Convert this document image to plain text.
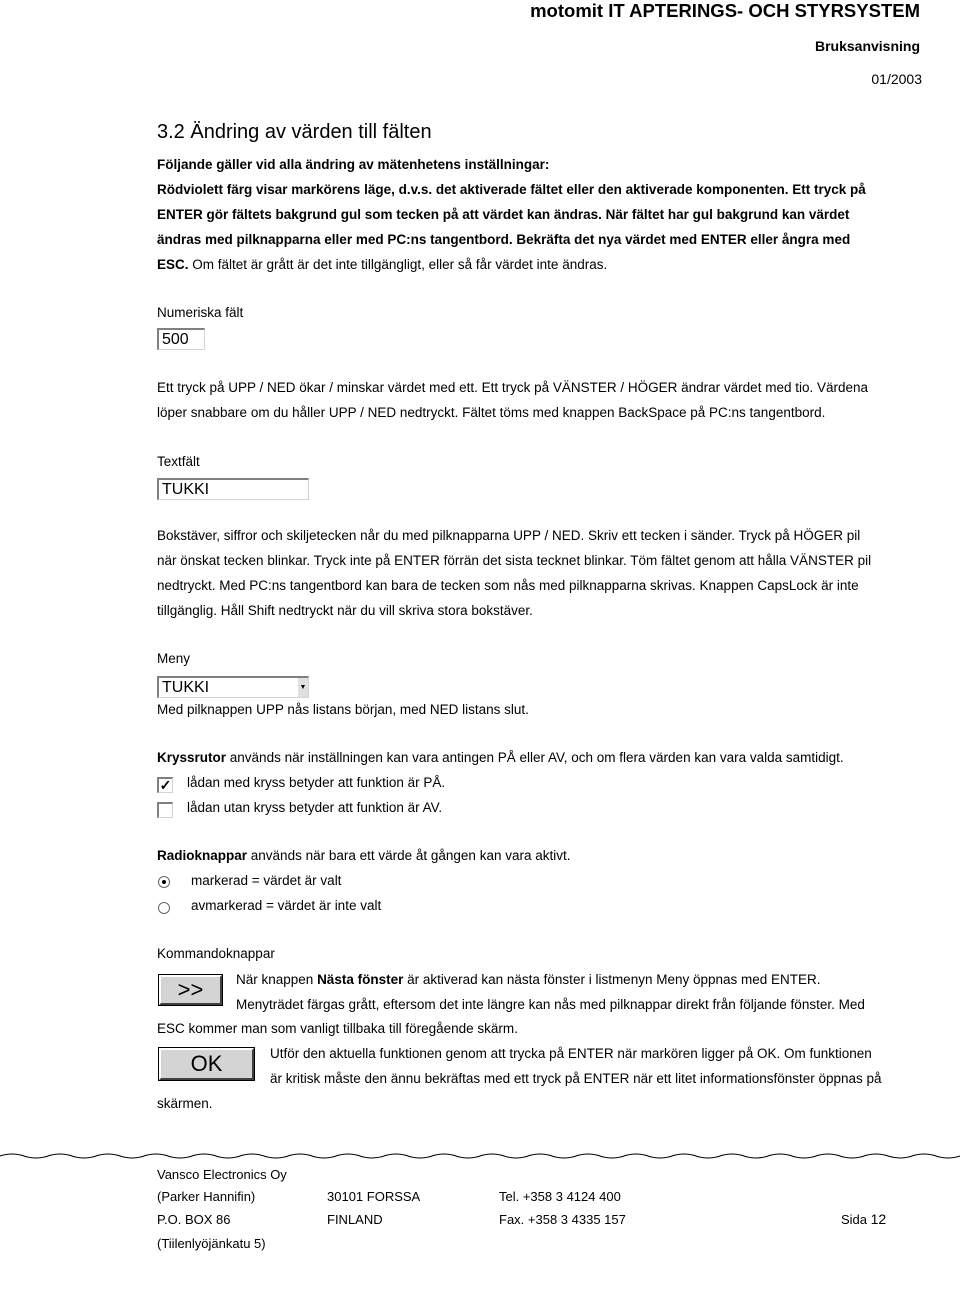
motomit IT APTERINGS- OCH STYRSYSTEM
Bruksanvisning
01/2003
3.2 Ändring av värden till fälten
Följande gäller vid alla ändring av mätenhetens inställningar:
Rödviolett färg visar markörens läge, d.v.s. det aktiverade fältet eller den aktiverade komponenten. Ett tryck på
ENTER gör fältets bakgrund gul som tecken på att värdet kan ändras. När fältet har gul bakgrund kan värdet
ändras med pilknapparna eller med PC:ns tangentbord. Bekräfta det nya värdet med ENTER eller ångra med
ESC. Om fältet är grått är det inte tillgängligt, eller så får värdet inte ändras.
Numeriska fält
500
Ett tryck på UPP / NED ökar / minskar värdet med ett. Ett tryck på VÄNSTER / HÖGER ändrar värdet med tio. Värdena
löper snabbare om du håller UPP / NED nedtryckt. Fältet töms med knappen BackSpace på PC:ns tangentbord.
Textfält
TUKKI
Bokstäver, siffror och skiljetecken når du med pilknapparna UPP / NED. Skriv ett tecken i sänder. Tryck på HÖGER pil
när önskat tecken blinkar. Tryck inte på ENTER förrän det sista tecknet blinkar. Töm fältet genom att hålla VÄNSTER pil
nedtryckt. Med PC:ns tangentbord kan bara de tecken som nås med pilknapparna skrivas. Knappen CapsLock är inte
tillgänglig. Håll Shift nedtryckt när du vill skriva stora bokstäver.
Meny
TUKKI	▼
Med pilknappen UPP nås listans början, med NED listans slut.
Kryssrutor används när inställningen kan vara antingen PÅ eller AV, och om flera värden kan vara valda samtidigt.
✓ lådan med kryss betyder att funktion är PÅ.
lådan utan kryss betyder att funktion är AV.
Radioknappar används när bara ett värde åt gången kan vara aktivt.
markerad = värdet är valt
avmarkerad = värdet är inte valt
Kommandoknappar
>>	När knappen Nästa fönster är aktiverad kan nästa fönster i listmenyn Meny öppnas med ENTER.
Menyträdet färgas grått, eftersom det inte längre kan nås med pilknappar direkt från följande fönster. Med
ESC kommer man som vanligt tillbaka till föregående skärm.
OK	Utför den aktuella funktionen genom att trycka på ENTER när markören ligger på OK. Om funktionen
är kritisk måste den ännu bekräftas med ett tryck på ENTER när ett litet informationsfönster öppnas på
skärmen.
Vansco Electronics Oy
(Parker Hannifin)	30101 FORSSA	Tel. +358 3 4124 400
P.O. BOX 86	FINLAND	Fax. +358 3 4335 157	Sida 12
(Tiilenlyöjänkatu 5)
